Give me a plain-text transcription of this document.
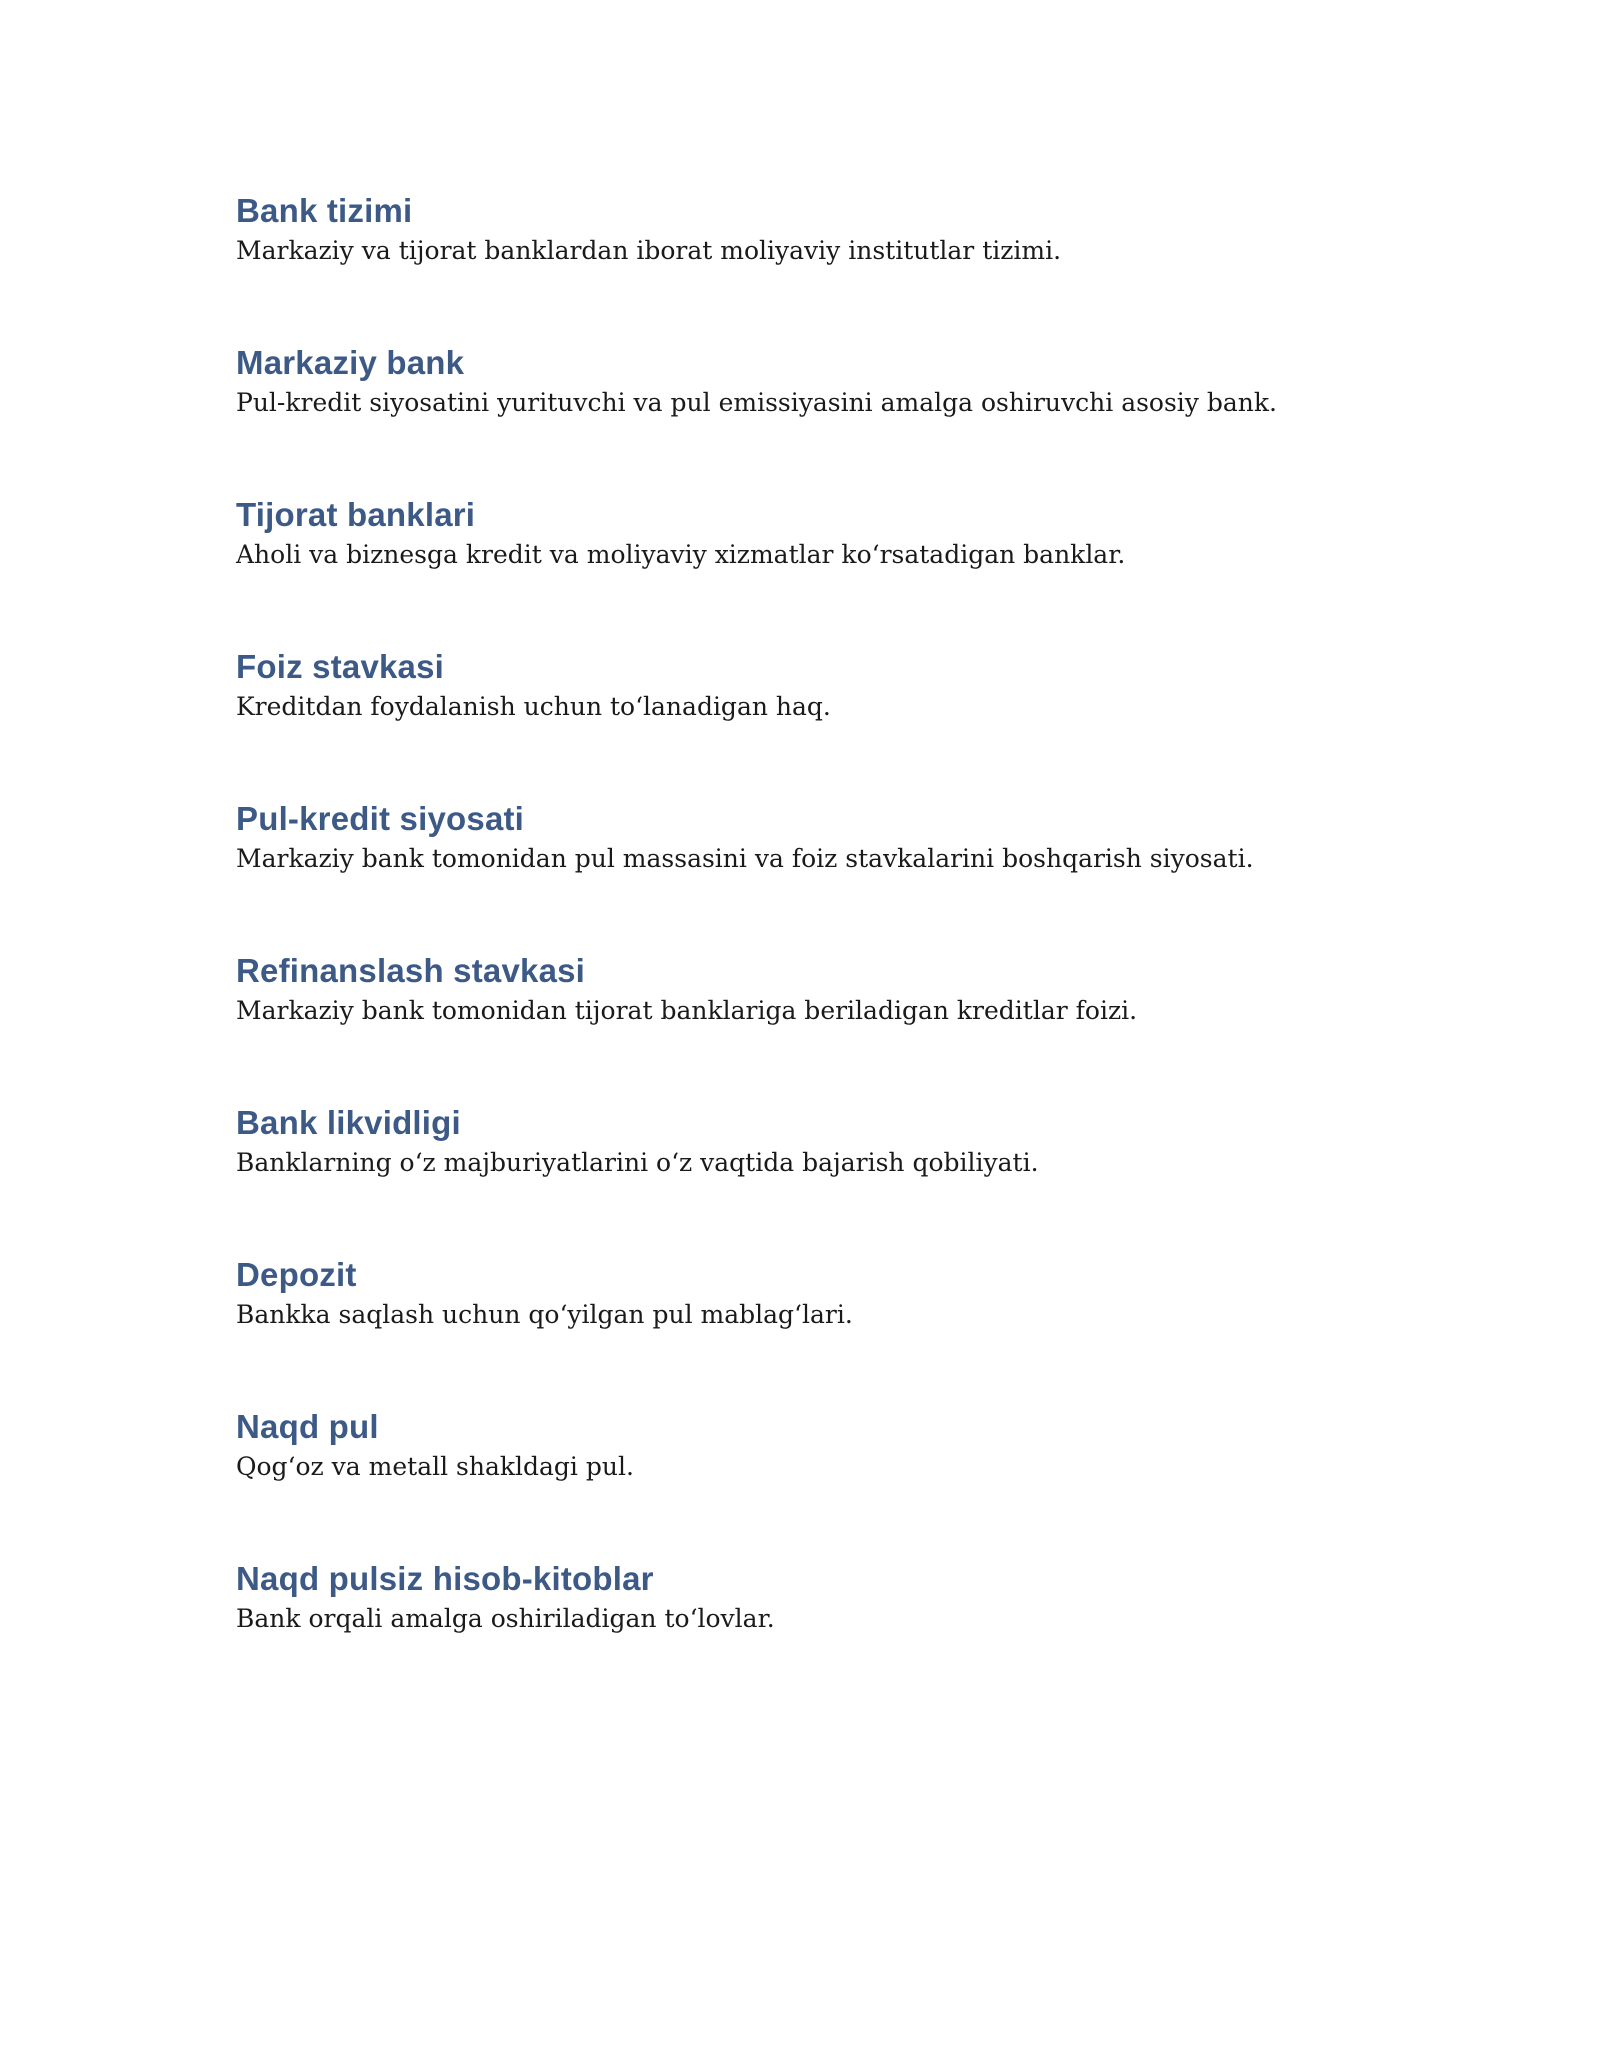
Bank tizimi

Markaziy va tijorat banklardan iborat moliyaviy institutlar tizimi.

Markaziy bank

Pul-kredit siyosatini yurituvchi va pul emissiyasini amalga oshiruvchi asosiy bank.

Tijorat banklari

Aholi va biznesga kredit va moliyaviy xizmatlar ko‘rsatadigan banklar.

Foiz stavkasi

Kreditdan foydalanish uchun to‘lanadigan haq.

Pul-kredit siyosati

Markaziy bank tomonidan pul massasini va foiz stavkalarini boshqarish siyosati.

Refinanslash stavkasi

Markaziy bank tomonidan tijorat banklariga beriladigan kreditlar foizi.

Bank likvidligi

Banklarning o‘z majburiyatlarini o‘z vaqtida bajarish qobiliyati.

Depozit

Bankka saqlash uchun qo‘yilgan pul mablag‘lari.

Naqd pul

Qog‘oz va metall shakldagi pul.

Naqd pulsiz hisob-kitoblar

Bank orqali amalga oshiriladigan to‘lovlar.
